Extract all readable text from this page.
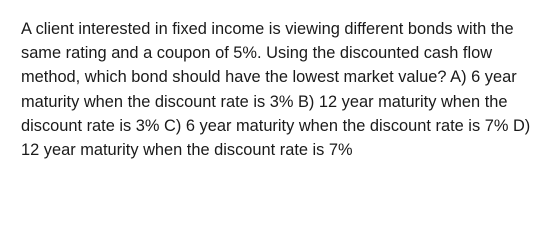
A client interested in fixed income is viewing different bonds with the same rating and a coupon of 5%. Using the discounted cash flow method, which bond should have the lowest market value? A) 6 year maturity when the discount rate is 3% B) 12 year maturity when the discount rate is 3% C) 6 year maturity when the discount rate is 7% D) 12 year maturity when the discount rate is 7%
